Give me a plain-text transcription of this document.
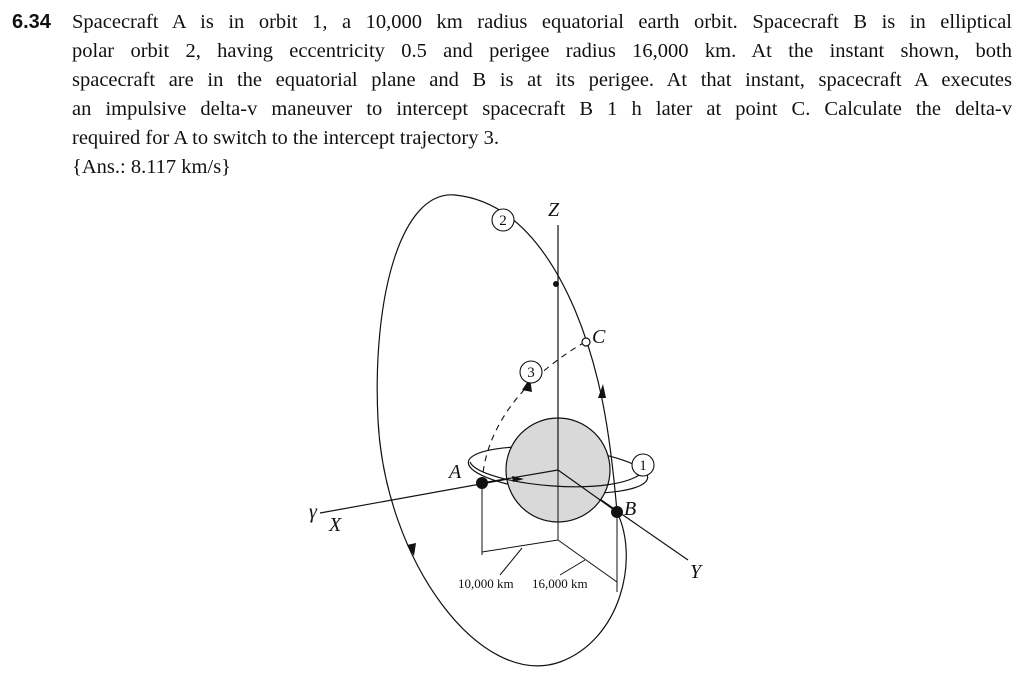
6.34 Spacecraft A is in orbit 1, a 10,000 km radius equatorial earth orbit. Spacecraft B is in elliptical
polar orbit 2, having eccentricity 0.5 and perigee radius 16,000 km. At the instant shown, both
spacecraft are in the equatorial plane and B is at its perigee. At that instant, spacecraft A executes
an impulsive delta-v maneuver to intercept spacecraft B 1 h later at point C. Calculate the delta-v
required for A to switch to the intercept trajectory 3.
{Ans.: 8.117 km/s}
2
3
1
Z
Y
X
γ
A
B
C
10,000 km 16,000 km
